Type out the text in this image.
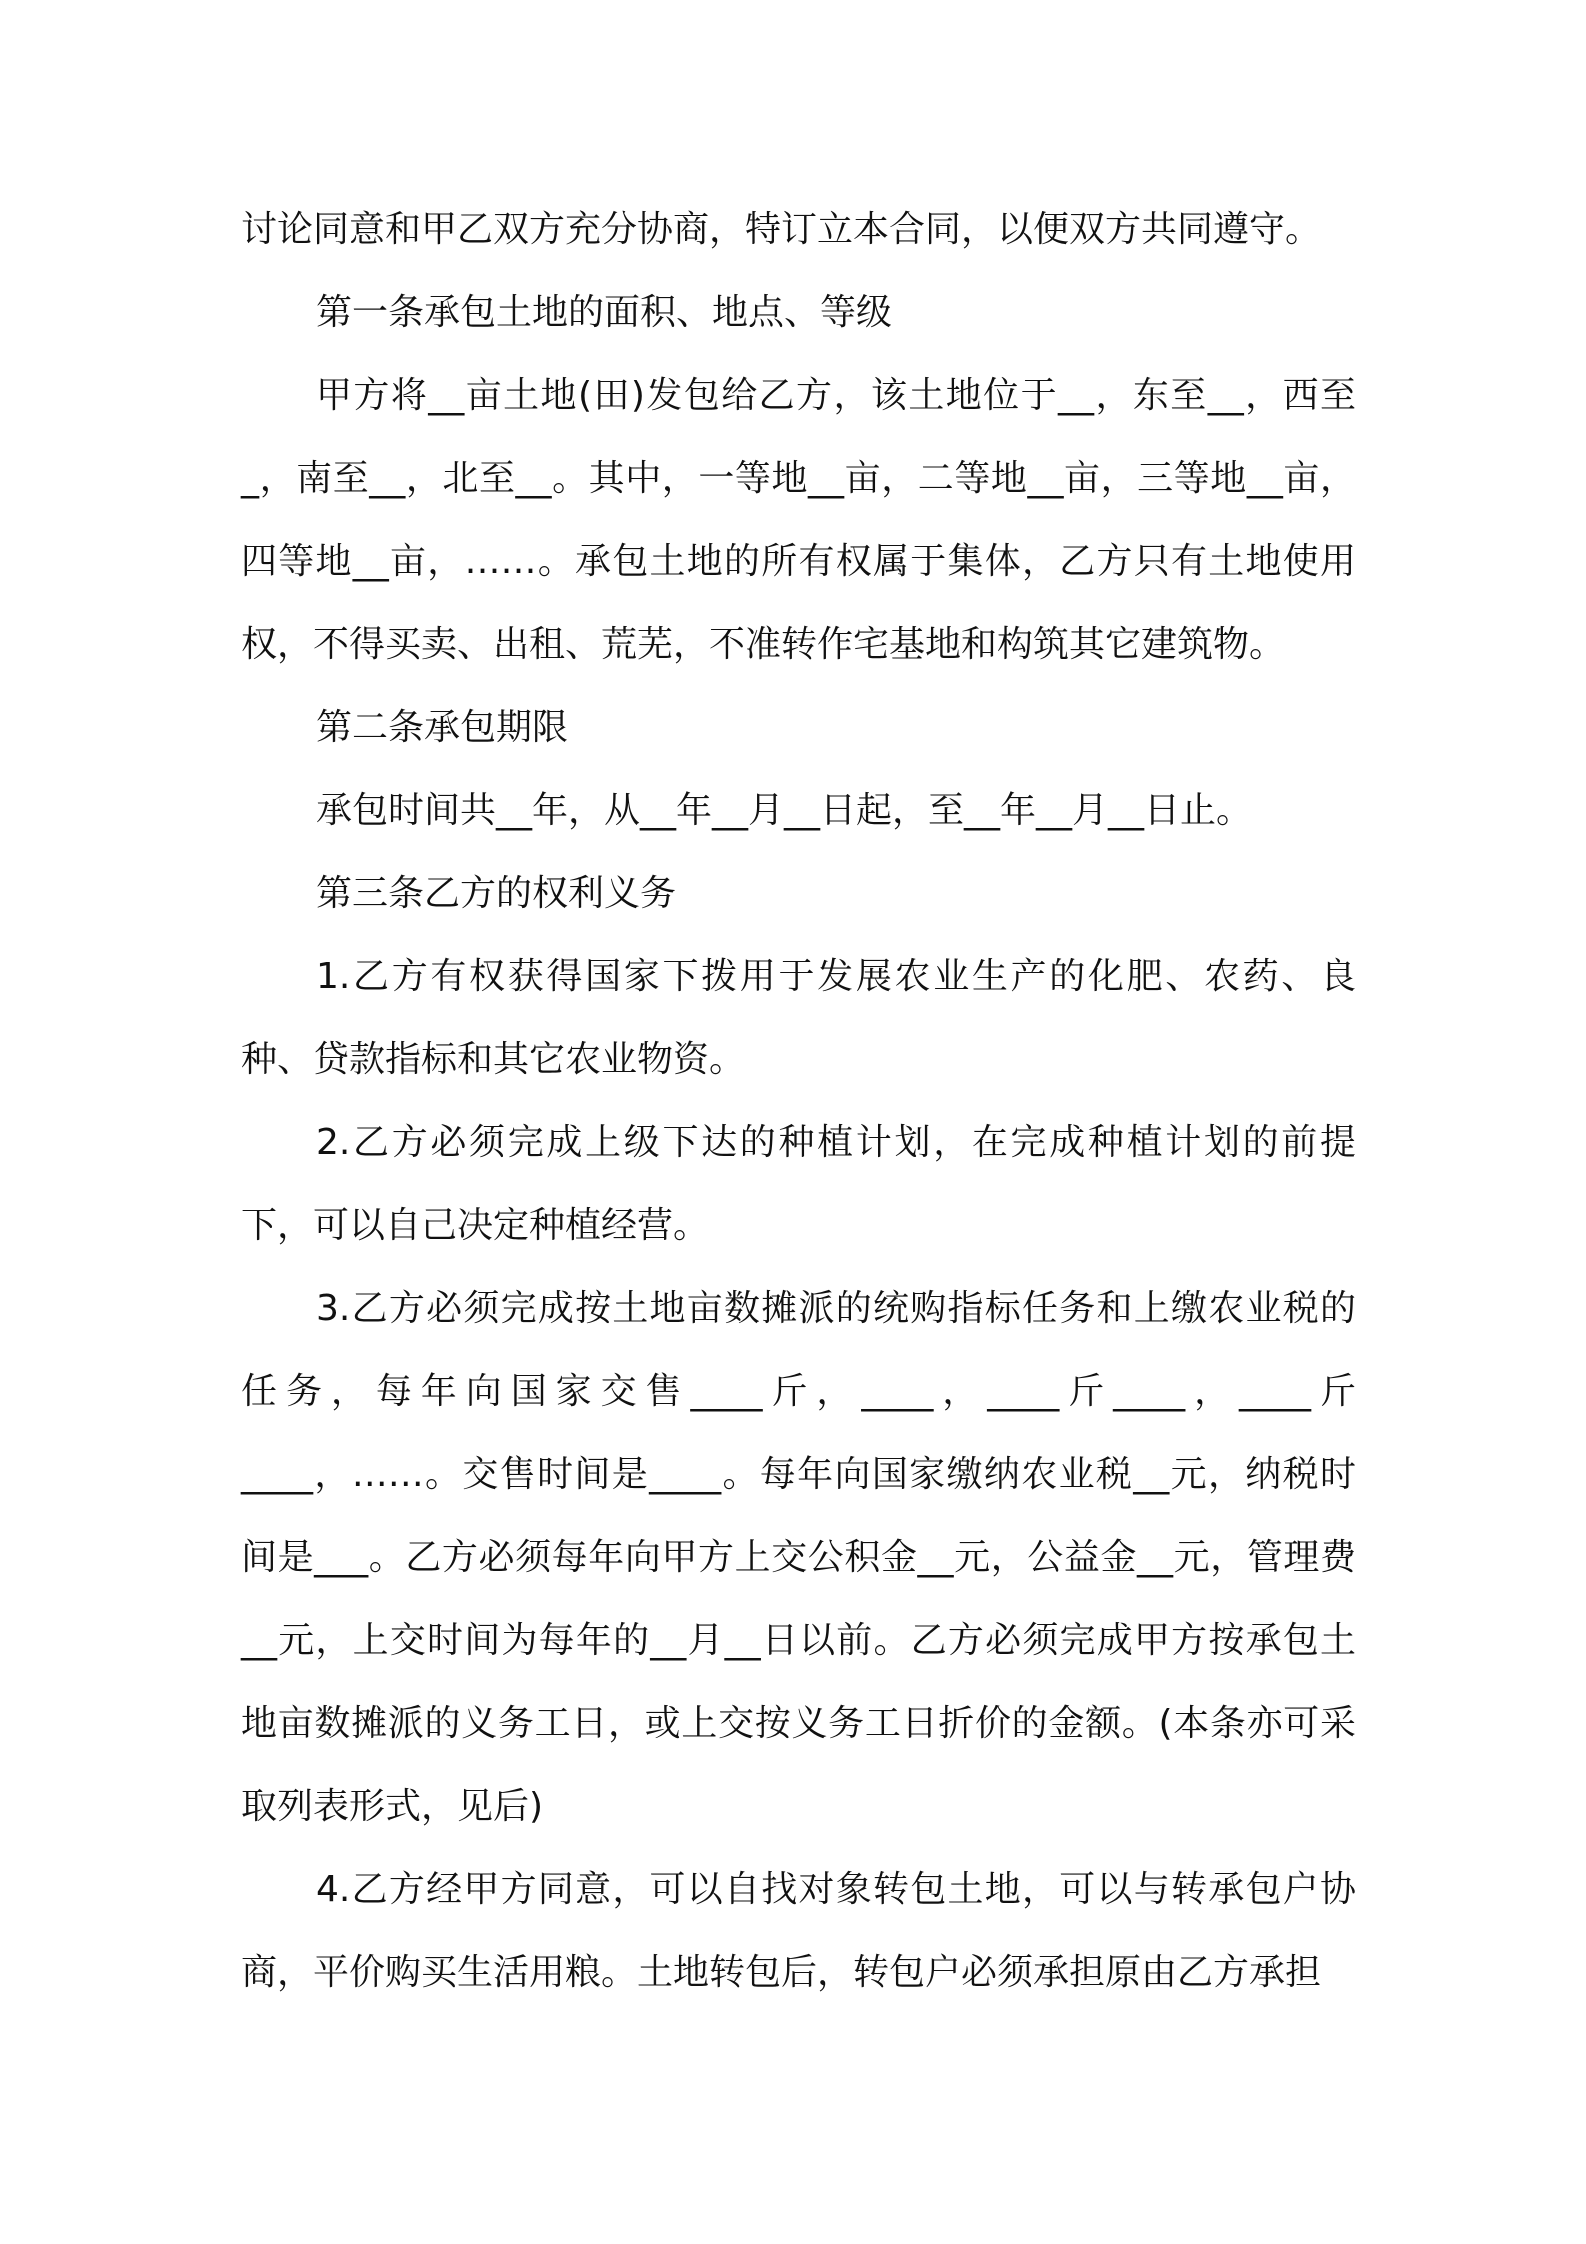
讨论同意和甲乙双方充分协商，特订立本合同，以便双方共同遵守。

第一条承包土地的面积、地点、等级

甲方将__亩土地(田)发包给乙方，该土地位于__，东至__，西至_，南至__，北至__。其中，一等地__亩，二等地__亩，三等地__亩，四等地__亩，……。承包土地的所有权属于集体，乙方只有土地使用权，不得买卖、出租、荒芜，不准转作宅基地和构筑其它建筑物。

第二条承包期限

承包时间共__年，从__年__月__日起，至__年__月__日止。

第三条乙方的权利义务

1.乙方有权获得国家下拨用于发展农业生产的化肥、农药、良种、贷款指标和其它农业物资。

2.乙方必须完成上级下达的种植计划，在完成种植计划的前提下，可以自己决定种植经营。

3.乙方必须完成按土地亩数摊派的统购指标任务和上缴农业税的任务，每年向国家交售____斤，____，____斤____，____斤____，……。交售时间是____。每年向国家缴纳农业税__元，纳税时间是___。乙方必须每年向甲方上交公积金__元，公益金__元，管理费__元，上交时间为每年的__月__日以前。乙方必须完成甲方按承包土地亩数摊派的义务工日，或上交按义务工日折价的金额。(本条亦可采取列表形式，见后)

4.乙方经甲方同意，可以自找对象转包土地，可以与转承包户协商，平价购买生活用粮。土地转包后，转包户必须承担原由乙方承担
